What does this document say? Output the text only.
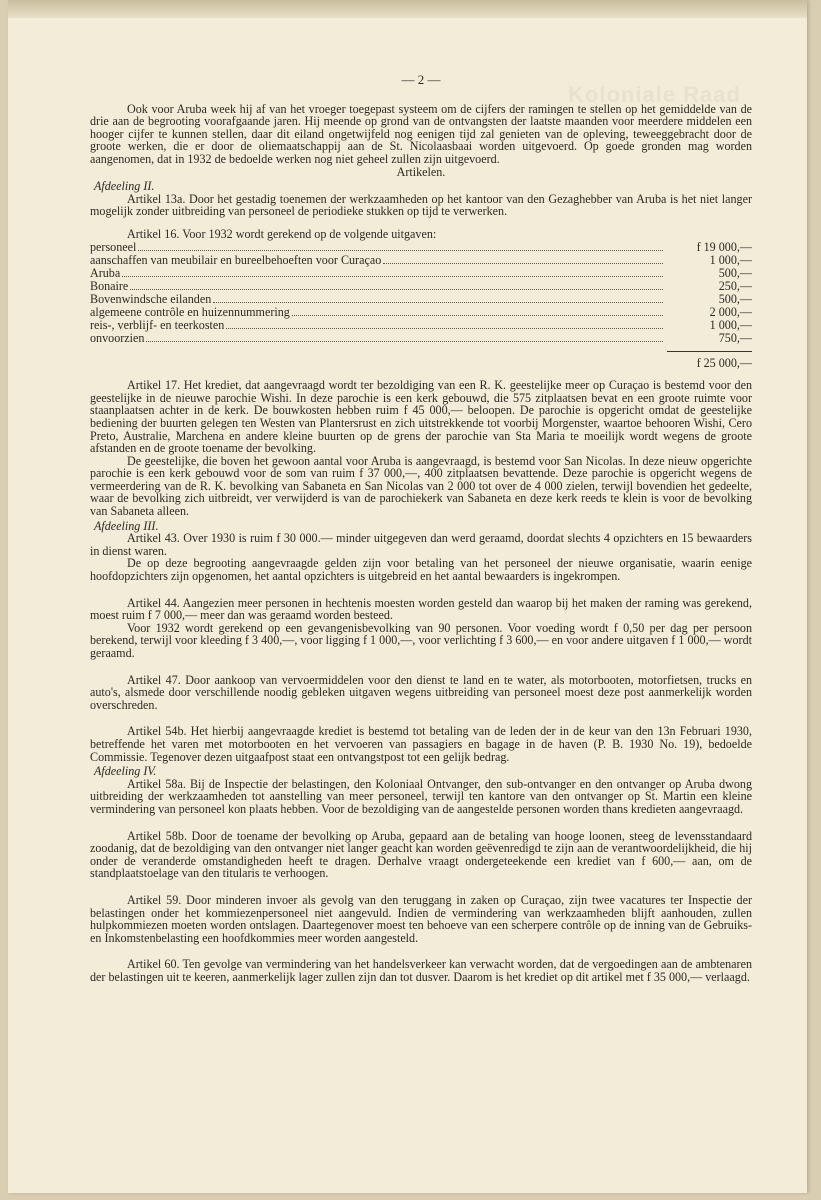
Koloniale Raad

— 2 —

Ook voor Aruba week hij af van het vroeger toegepast systeem om de cijfers der ramingen te stellen op het gemiddelde van de drie aan de begrooting voorafgaande jaren. Hij meende op grond van de ontvangsten der laatste maanden voor meerdere middelen een hooger cijfer te kunnen stellen, daar dit eiland ongetwijfeld nog eenigen tijd zal genieten van de opleving, teweeggebracht door de groote werken, die er door de oliemaatschappij aan de St. Nicolaasbaai worden uitgevoerd. Op goede gronden mag worden aangenomen, dat in 1932 de bedoelde werken nog niet geheel zullen zijn uitgevoerd.

Artikelen.

Afdeeling II.

Artikel 13a. Door het gestadig toenemen der werkzaamheden op het kantoor van den Gezaghebber van Aruba is het niet langer mogelijk zonder uitbreiding van personeel de periodieke stukken op tijd te verwerken.

Artikel 16. Voor 1932 wordt gerekend op de volgende uitgaven:

personeel	f 19 000,—
aanschaffen van meubilair en bureelbehoeften voor Curaçao	1 000,—
Aruba	500,—
Bonaire	250,—
Bovenwindsche eilanden	500,—
algemeene contrôle en huizennummering	2 000,—
reis-, verblijf- en teerkosten	1 000,—
onvoorzien	750,—
f 25 000,—

Artikel 17. Het krediet, dat aangevraagd wordt ter bezoldiging van een R. K. geestelijke meer op Curaçao is bestemd voor den geestelijke in de nieuwe parochie Wishi. In deze parochie is een kerk gebouwd, die 575 zitplaatsen bevat en een groote ruimte voor staanplaatsen achter in de kerk. De bouwkosten hebben ruim f 45 000,— beloopen. De parochie is opgericht omdat de geestelijke bediening der buurten gelegen ten Westen van Plantersrust en zich uitstrekkende tot voorbij Morgenster, waartoe behooren Wishi, Cero Preto, Australie, Marchena en andere kleine buurten op de grens der parochie van Sta Maria te moeilijk wordt wegens de groote afstanden en de groote toename der bevolking.

De geestelijke, die boven het gewoon aantal voor Aruba is aangevraagd, is bestemd voor San Nicolas. In deze nieuw opgerichte parochie is een kerk gebouwd voor de som van ruim f 37 000,—, 400 zitplaatsen bevattende. Deze parochie is opgericht wegens de vermeerdering van de R. K. bevolking van Sabaneta en San Nicolas van 2 000 tot over de 4 000 zielen, terwijl bovendien het gedeelte, waar de bevolking zich uitbreidt, ver verwijderd is van de parochiekerk van Sabaneta en deze kerk reeds te klein is voor de bevolking van Sabaneta alleen.

Afdeeling III.

Artikel 43. Over 1930 is ruim f 30 000.— minder uitgegeven dan werd geraamd, doordat slechts 4 opzichters en 15 bewaarders in dienst waren.

De op deze begrooting aangevraagde gelden zijn voor betaling van het personeel der nieuwe organisatie, waarin eenige hoofdopzichters zijn opgenomen, het aantal opzichters is uitgebreid en het aantal bewaarders is ingekrompen.

Artikel 44. Aangezien meer personen in hechtenis moesten worden gesteld dan waarop bij het maken der raming was gerekend, moest ruim f 7 000,— meer dan was geraamd worden besteed.

Voor 1932 wordt gerekend op een gevangenisbevolking van 90 personen. Voor voeding wordt f 0,50 per dag per persoon berekend, terwijl voor kleeding f 3 400,—, voor ligging f 1 000,—, voor verlichting f 3 600,— en voor andere uitgaven f 1 000,— wordt geraamd.

Artikel 47. Door aankoop van vervoermiddelen voor den dienst te land en te water, als motorbooten, motorfietsen, trucks en auto's, alsmede door verschillende noodig gebleken uitgaven wegens uitbreiding van personeel moest deze post aanmerkelijk worden overschreden.

Artikel 54b. Het hierbij aangevraagde krediet is bestemd tot betaling van de leden der in de keur van den 13n Februari 1930, betreffende het varen met motorbooten en het vervoeren van passagiers en bagage in de haven (P. B. 1930 No. 19), bedoelde Commissie. Tegenover dezen uitgaafpost staat een ontvangstpost tot een gelijk bedrag.

Afdeeling IV.

Artikel 58a. Bij de Inspectie der belastingen, den Koloniaal Ontvanger, den sub-ontvanger en den ontvanger op Aruba dwong uitbreiding der werkzaamheden tot aanstelling van meer personeel, terwijl ten kantore van den ontvanger op St. Martin een kleine vermindering van personeel kon plaats hebben. Voor de bezoldiging van de aangestelde personen worden thans kredieten aangevraagd.

Artikel 58b. Door de toename der bevolking op Aruba, gepaard aan de betaling van hooge loonen, steeg de levensstandaard zoodanig, dat de bezoldiging van den ontvanger niet langer geacht kan worden geëvenredigd te zijn aan de verantwoordelijkheid, die hij onder de veranderde omstandigheden heeft te dragen. Derhalve vraagt ondergeteekende een krediet van f 600,— aan, om de standplaatstoelage van den titularis te verhoogen.

Artikel 59. Door minderen invoer als gevolg van den teruggang in zaken op Curaçao, zijn twee vacatures ter Inspectie der belastingen onder het kommiezenpersoneel niet aangevuld. Indien de vermindering van werkzaamheden blijft aanhouden, zullen hulpkommiezen moeten worden ontslagen. Daartegenover moest ten behoeve van een scherpere contrôle op de inning van de Gebruiks- en Inkomstenbelasting een hoofdkommies meer worden aangesteld.

Artikel 60. Ten gevolge van vermindering van het handelsverkeer kan verwacht worden, dat de vergoedingen aan de ambtenaren der belastingen uit te keeren, aanmerkelijk lager zullen zijn dan tot dusver. Daarom is het krediet op dit artikel met f 35 000,— verlaagd.
